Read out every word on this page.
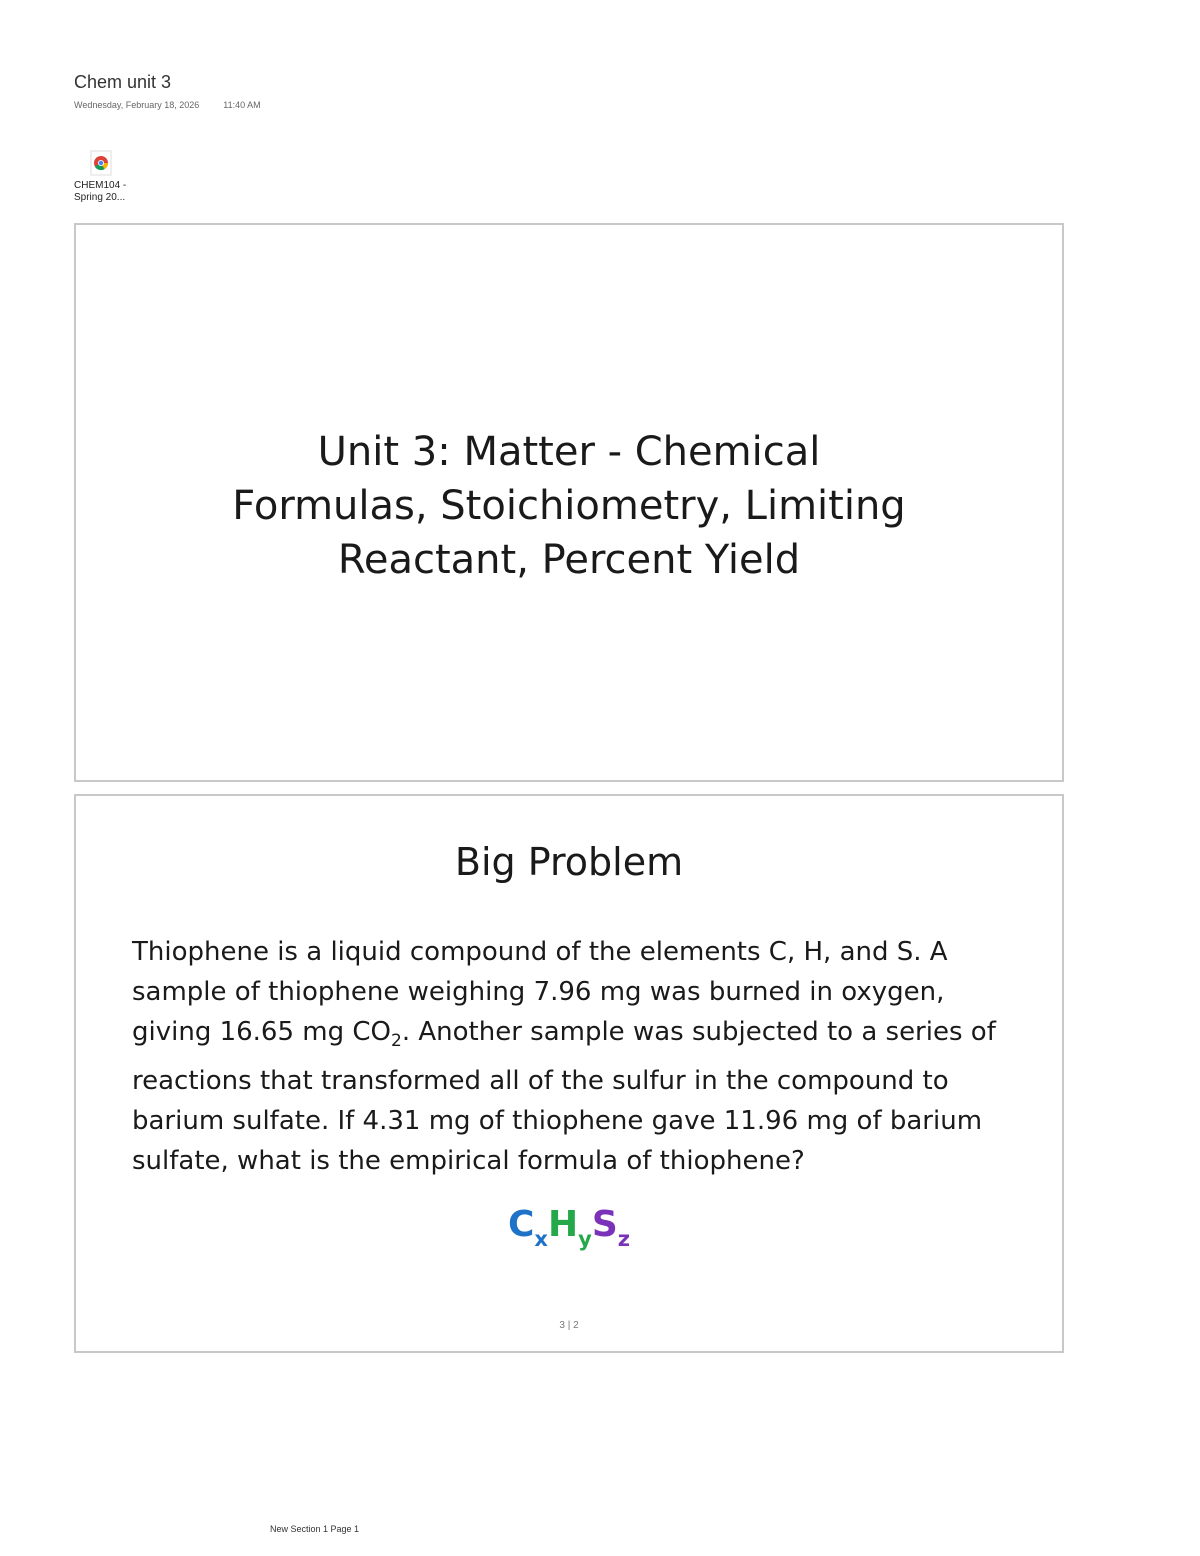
Chem unit 3
Wednesday, February 18, 2026	11:40 AM
CHEM104 -
Spring 20...
Unit 3: Matter - Chemical
Formulas, Stoichiometry, Limiting
Reactant, Percent Yield
Big Problem
Thiophene is a liquid compound of the elements C, H, and S. A sample of thiophene weighing 7.96 mg was burned in oxygen, giving 16.65 mg $CO_2$. Another sample was subjected to a series of reactions that transformed all of the sulfur in the compound to barium sulfate. If 4.31 mg of thiophene gave 11.96 mg of barium sulfate, what is the empirical formula of thiophene?
$C_xH_yS_z$
3 | 2
New Section 1 Page 1
